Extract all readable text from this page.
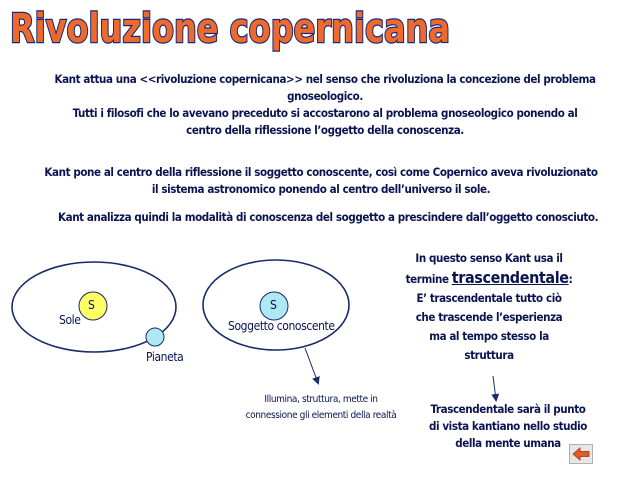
Rivoluzione copernicana
Kant attua una <<rivoluzione copernicana>> nel senso che rivoluziona la concezione del problema
gnoseologico.
Tutti i filosofi che lo avevano preceduto si accostarono al problema gnoseologico ponendo al
centro della riflessione l’oggetto della conoscenza.
Kant pone al centro della riflessione il soggetto conoscente, così come Copernico aveva rivoluzionato
il sistema astronomico ponendo al centro dell’universo il sole.
Kant analizza quindi la modalità di conoscenza del soggetto a prescindere dall’oggetto conosciuto.
S
Sole
Pianeta
S
Soggetto conoscente
Illumina, struttura, mette in
connessione gli elementi della realtà
In questo senso Kant usa il
termine trascendentale:
E’ trascendentale tutto ciò
che trascende l’esperienza
ma al tempo stesso la
struttura
Trascendentale sarà il punto
di vista kantiano nello studio
della mente umana
